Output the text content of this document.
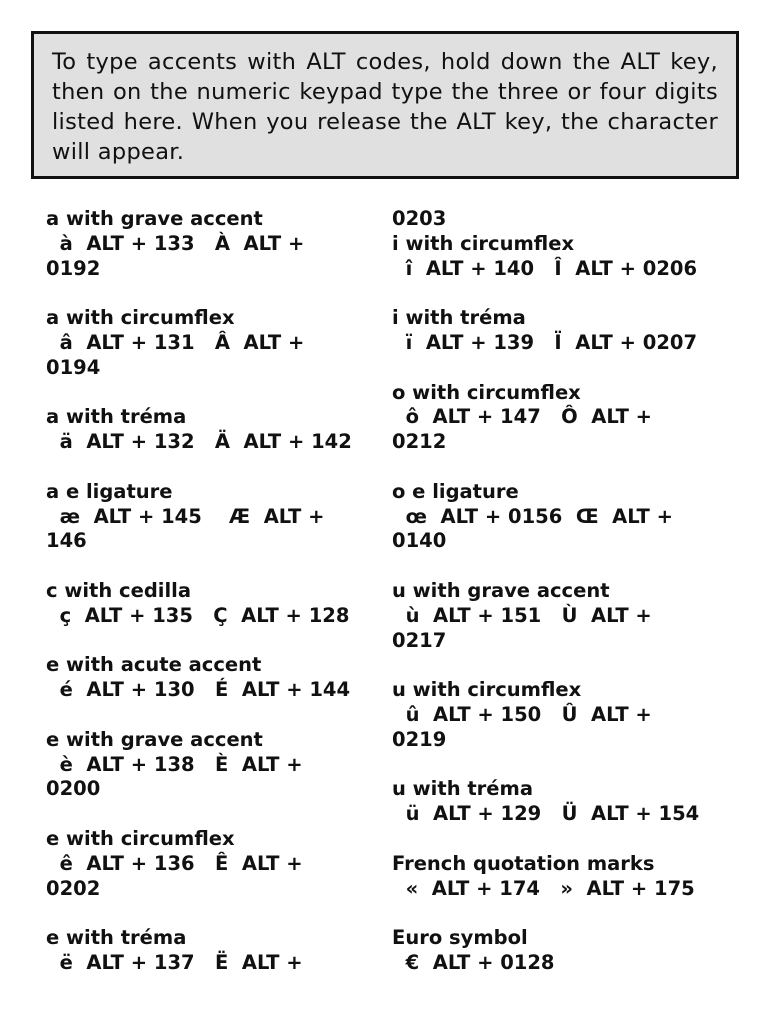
To type accents with ALT codes, hold down the ALT key, then on the numeric keypad type the three or four digits listed here. When you release the ALT key, the character will appear.
a with grave accent
à  ALT + 133   À  ALT +
0192
a with circumflex
â  ALT + 131   Â  ALT +
0194
a with tréma
ä  ALT + 132   Ä  ALT + 142
a e ligature
æ  ALT + 145    Æ  ALT +
146
c with cedilla
ç  ALT + 135   Ç  ALT + 128
e with acute accent
é  ALT + 130   É  ALT + 144
e with grave accent
è  ALT + 138   È  ALT +
0200
e with circumflex
ê  ALT + 136   Ê  ALT +
0202
e with tréma
ë  ALT + 137   Ë  ALT +
0203
i with circumflex
î  ALT + 140   Î  ALT + 0206
i with tréma
ï  ALT + 139   Ï  ALT + 0207
o with circumflex
ô  ALT + 147   Ô  ALT +
0212
o e ligature
œ  ALT + 0156  Œ  ALT +
0140
u with grave accent
ù  ALT + 151   Ù  ALT +
0217
u with circumflex
û  ALT + 150   Û  ALT +
0219
u with tréma
ü  ALT + 129   Ü  ALT + 154
French quotation marks
«  ALT + 174   »  ALT + 175
Euro symbol
€  ALT + 0128
